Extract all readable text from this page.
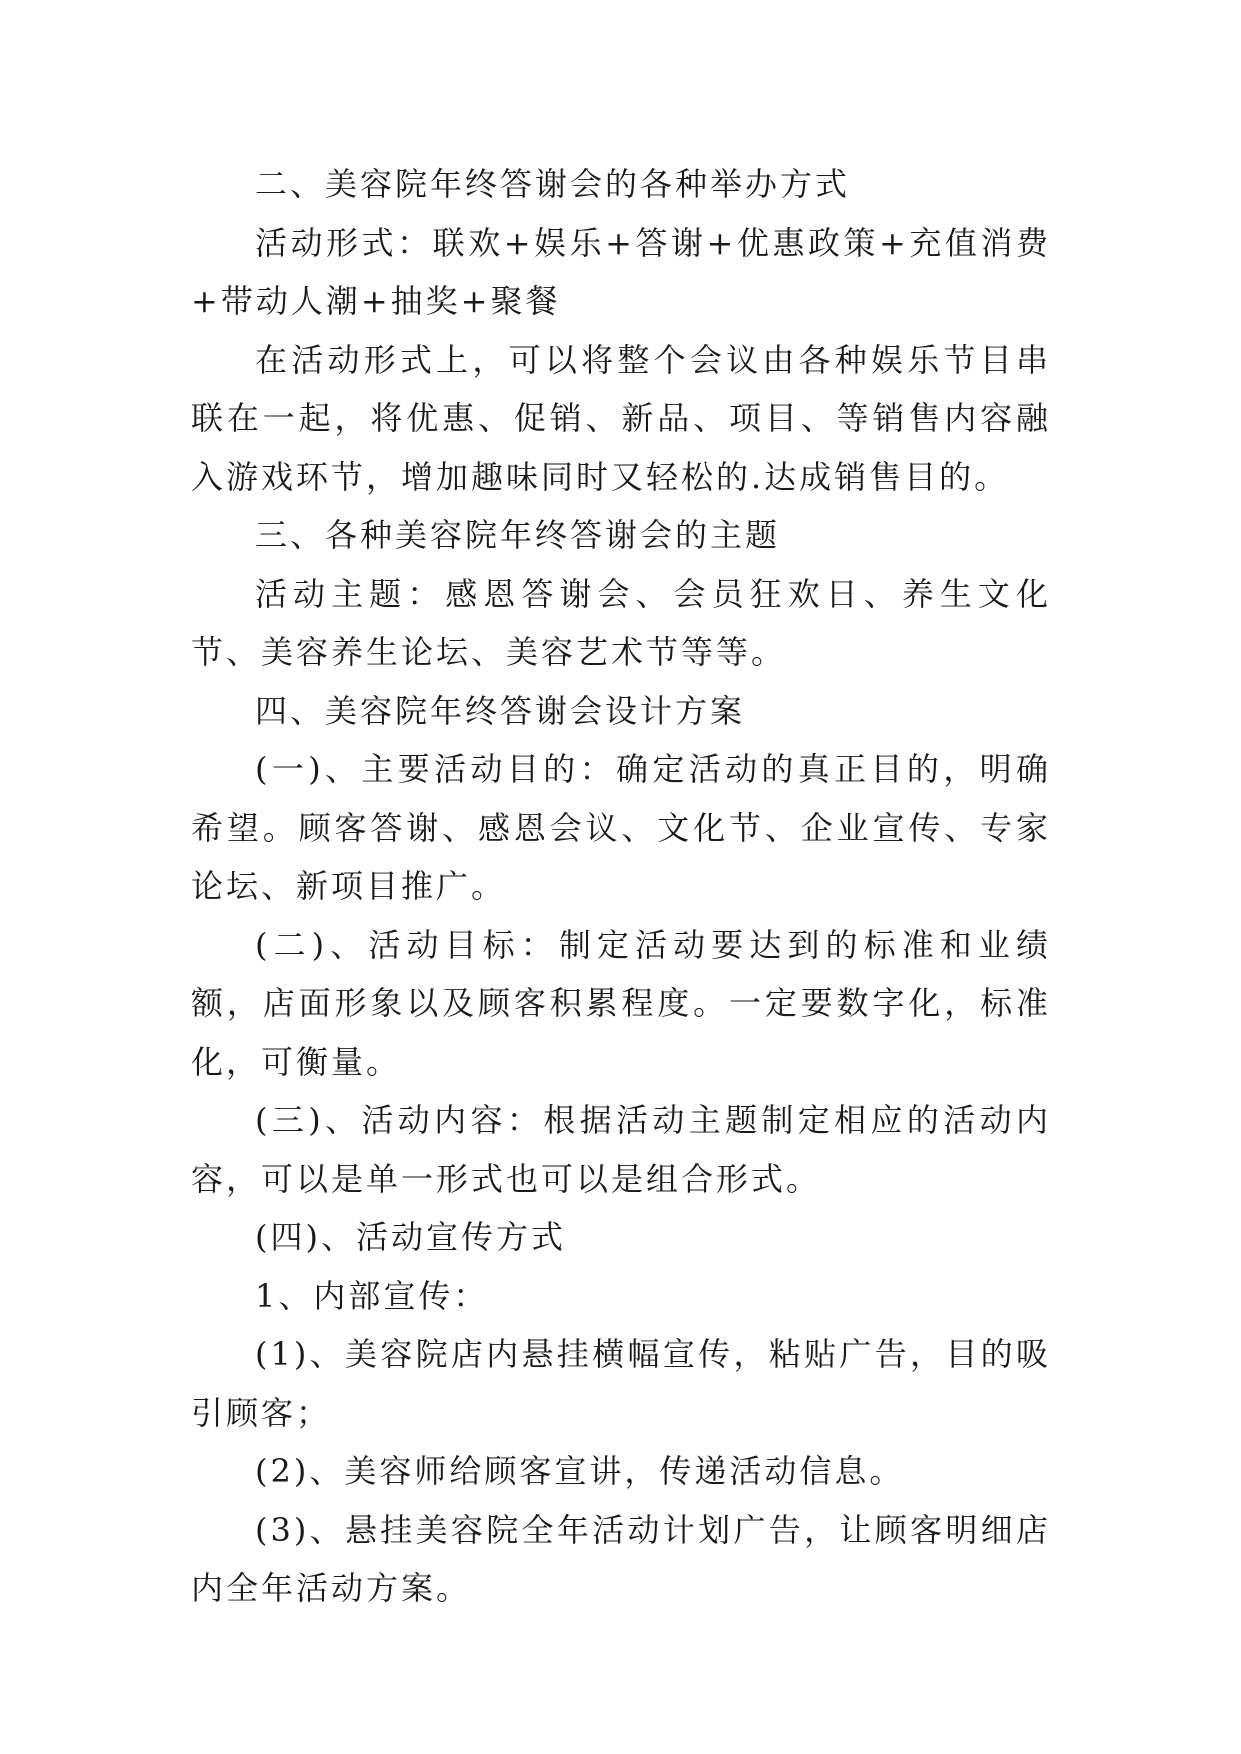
二、美容院年终答谢会的各种举办方式

活动形式：联欢+娱乐+答谢+优惠政策+充值消费+带动人潮+抽奖+聚餐

在活动形式上，可以将整个会议由各种娱乐节目串联在一起，将优惠、促销、新品、项目、等销售内容融入游戏环节，增加趣味同时又轻松的.达成销售目的。

三、各种美容院年终答谢会的主题

活动主题：感恩答谢会、会员狂欢日、养生文化节、美容养生论坛、美容艺术节等等。

四、美容院年终答谢会设计方案

(一)、主要活动目的：确定活动的真正目的，明确希望。顾客答谢、感恩会议、文化节、企业宣传、专家论坛、新项目推广。

(二)、活动目标：制定活动要达到的标准和业绩额，店面形象以及顾客积累程度。一定要数字化，标准化，可衡量。

(三)、活动内容：根据活动主题制定相应的活动内容，可以是单一形式也可以是组合形式。

(四)、活动宣传方式

1、内部宣传：

(1)、美容院店内悬挂横幅宣传，粘贴广告，目的吸引顾客；

(2)、美容师给顾客宣讲，传递活动信息。

(3)、悬挂美容院全年活动计划广告，让顾客明细店内全年活动方案。
